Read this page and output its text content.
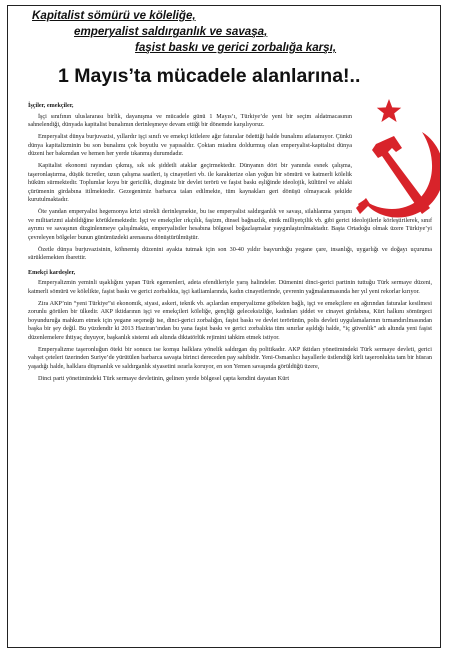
Kapitalist sömürü ve köleliğe,

emperyalist saldırganlık ve savaşa,

faşist baskı ve gerici zorbalığa karşı,

1 Mayıs’ta mücadele alanlarına!..

İşçiler, emekçiler,

İşçi sınıfının uluslararası birlik, dayanışma ve mücadele günü 1 Mayıs’ı, Türkiye’de yeni bir seçim aldatmacasının sahnelendiği, dünyada kapitalist bunalımın derinleşmeye devam ettiği bir dönemde karşılıyoruz.

Emperyalist dünya burjuvazisi, yıllardır işçi sınıfı ve emekçi kitlelere ağır faturalar ödettiği halde bunalımı atlatamıyor. Çünkü dünya kapitalizminin bu son bunalımı çok boyutlu ve yapısaldır. Çoktan miadını doldurmuş olan emperyalist-kapitalist dünya düzeni her bakımdan ve hemen her yerde tıkanmış durumdadır.

Kapitalist ekonomi rayından çıkmış, sık sık şiddetli ataklar geçirmektedir. Dünyanın dört bir yanında esnek çalışma, taşeronlaştırma, düşük ücretler, uzun çalışma saatleri, iş cinayetleri vb. ile karakterize olan yoğun bir sömürü ve katmerli kölelik hüküm sürmektedir. Toplumlar koyu bir gericilik, dizginsiz bir devlet terörü ve faşist baskı eşliğinde ideolojik, kültürel ve ahlaki çürümenin girdabına itilmektedir. Gezegenimiz barbarca talan edilmekte, tüm kaynakları geri dönüşü olmayacak şekilde kurutulmaktadır.

Öte yandan emperyalist hegemonya krizi sürekli derinleşmekte, bu ise emperyalist saldırganlık ve savaşı, silahlanma yarışını ve militarizmi alabildiğine körüklemektedir. İşçi ve emekçiler ırkçılık, faşizm, dinsel bağnazlık, etnik milliyetçilik vb. gibi gerici ideolojilerle körleştirilerek, sınıf ayrımı ve savaşının dizginlenmeye çalışılmakta, emperyalistler hesabına bölgesel boğazlaşmalar yaygınlaştırılmaktadır. Başta Ortadoğu olmak üzere Türkiye’yi çevreleyen bölgeler bunun günümüzdeki arenasına dönüştürülmüştür.

Özetle dünya burjuvazisinin, köhnemiş düzenini ayakta tutmak için son 30-40 yıldır başvurduğu yegane çare, insanlığı, uygarlığı ve doğayı uçuruma sürüklemekten ibarettir.

Emekçi kardeşler,

Emperyalizmin yeminli uşaklığını yapan Türk egemenleri, adeta efendileriyle yarış halindeler. Dümenini dinci-gerici partinin tuttuğu Türk sermaye düzeni, katmerli sömürü ve kölelikte, faşist baskı ve gerici zorbalıkta, işçi katliamlarında, kadın cinayetlerinde, çevrenin yağmalanmasında her yıl yeni rekorlar kırıyor.

Zira AKP’nin “yeni Türkiye”si ekonomik, siyasi, askeri, teknik vb. açılardan emperyalizme göbekten bağlı, işçi ve emekçilere en ağırından faturalar kesilmesi zorunlu görülen bir ülkedir. AKP iktidarının işçi ve emekçileri köleliğe, gençliği geleceksizliğe, kadınları şiddet ve cinayet girdabına, Kürt halkını sömürgeci boyunduruğa mahkum etmek için yegane seçeneği ise, dinci-gerici zorbalığın, faşist baskı ve devlet terörünün, polis devleti uygulamalarının tırmandırılmasından başka bir şey değil. Bu yüzdendir ki 2013 Haziran’ından bu yana faşist baskı ve gerici zorbalıkta tüm sınırlar aşıldığı halde, “iç güvenlik” adı altında yeni faşist düzenlemelere ihtiyaç duyuyor, başkanlık sistemi adı altında diktatörlük rejimini tahkim etmek istiyor.

Emperyalizme taşeronluğun öteki bir sonucu ise komşu halklara yönelik saldırgan dış politikadır. AKP iktidarı yönetimindeki Türk sermaye devleti, gerici vahşet çeteleri üzerinden Suriye’de yürütülen barbarca savaşta birinci dereceden pay sahibidir. Yeni-Osmanlıcı hayallerle üstlendiği kirli taşeronlukta tam bir hüsran yaşadığı halde, halklara düşmanlık ve saldırganlık siyasetini ısrarla koruyor, en son Yemen savaşında görüldüğü üzere,

Dinci parti yönetimindeki Türk sermaye devletinin, gelinen yerde bölgesel çapta kendini dayatan Kürt
